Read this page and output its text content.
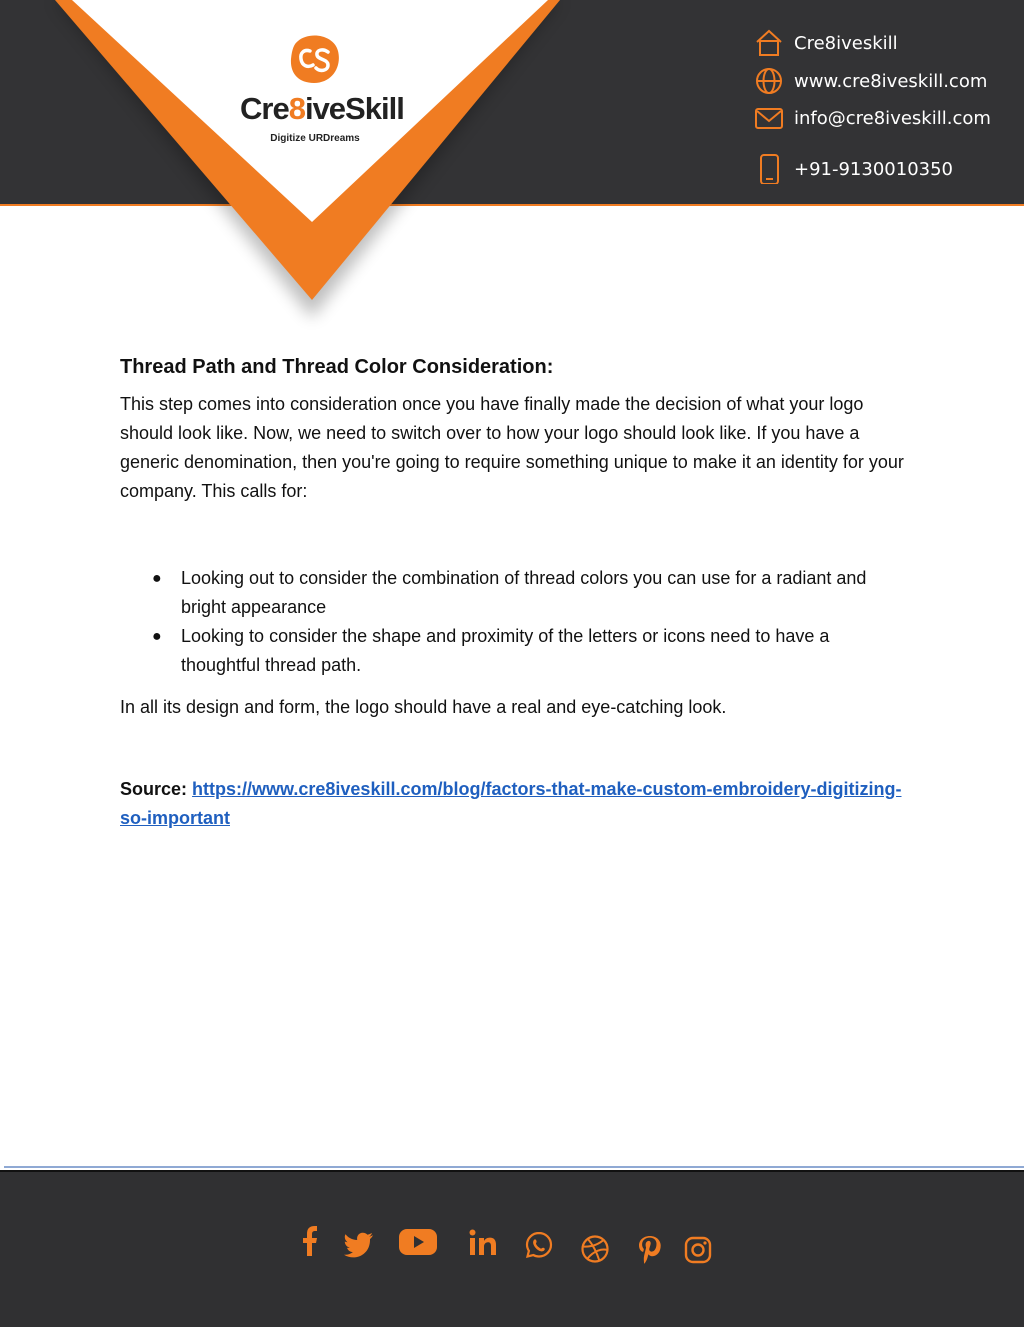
Cre8iveSkill
Digitize URDreams
Cre8iveskill
www.cre8iveskill.com
info@cre8iveskill.com
+91-9130010350
Thread Path and Thread Color Consideration:

This step comes into consideration once you have finally made the decision of what your logo should look like. Now, we need to switch over to how your logo should look like. If you have a generic denomination, then you're going to require something unique to make it an identity for your company. This calls for:

● Looking out to consider the combination of thread colors you can use for a radiant and bright appearance
● Looking to consider the shape and proximity of the letters or icons need to have a thoughtful thread path.
In all its design and form, the logo should have a real and eye-catching look.
Source: https://www.cre8iveskill.com/blog/factors-that-make-custom-embroidery-digitizing-so-important
